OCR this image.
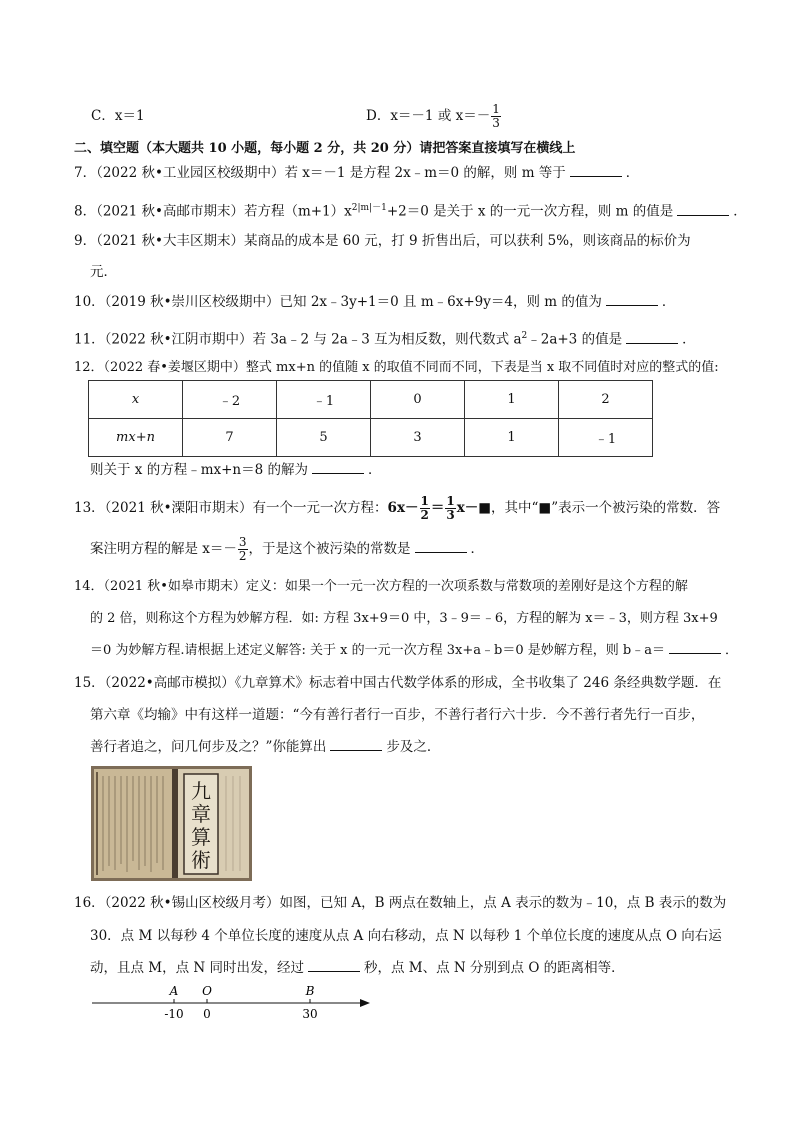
C．x＝1	D．x＝－1 或 $x=- \frac{1}{3}$
二、填空题（本大题共 10 小题，每小题 2 分，共 20 分）请把答案直接填写在横线上
7．（2022 秋•工业园区校级期中）若 x＝－1 是方程 2x﹣m＝0 的解，则 m 等于	．
8．（2021 秋•高邮市期末）若方程$(m+1)x^{2|m|-1}+2=0$ 是关于 x 的一元一次方程，则 m 的值是	．
9．（2021 秋•大丰区期末）某商品的成本是 60 元，打 9 折售出后，可以获利 5%，则该商品的标价为
元．
10．（2019 秋•崇川区校级期中）已知 2x﹣3y+1＝0 且 m﹣6x+9y＝4，则 m 的值为	．
11．（2022 秋•江阴市期中）若 3a﹣2 与 2a﹣3 互为相反数，则代数式 $a^2﹣2a+3$ 的值是	．
12．（2022 春•姜堰区期中）整式 mx+n 的值随 x 的取值不同而不同，下表是当 x 取不同值时对应的整式的值:
x	﹣2	﹣1	0	1	2
mx+n	7	5	3	1	﹣1
则关于 x 的方程﹣mx+n＝8 的解为	．
13．（2021 秋•溧阳市期末）有一个一元一次方程：$6x- \frac{1}{2} = \frac{1}{3}$ x－■，其中“■”表示一个被污染的常数．答
案注明方程的解是 $x=- \frac{3}{2}$ ，于是这个被污染的常数是	．
14．（2021 秋•如皋市期末）定义：如果一个一元一次方程的一次项系数与常数项的差刚好是这个方程的解
的 2 倍，则称这个方程为妙解方程．如: 方程 3x+9＝0 中，3﹣9＝﹣6，方程的解为 x＝﹣3，则方程 3x+9
＝0 为妙解方程.请根据上述定义解答: 关于 x 的一元一次方程 3x+a﹣b＝0 是妙解方程，则 b﹣a＝	．
15．（2022•高邮市模拟）《九章算术》标志着中国古代数学体系的形成，全书收集了 246 条经典数学题．在
第六章《均输》中有这样一道题：“今有善行者行一百步，不善行者行六十步．今不善行者先行一百步，
善行者追之，问几何步及之？”你能算出	步及之．
九
章
算
術
16．（2022 秋•锡山区校级月考）如图，已知 A，B 两点在数轴上，点 A 表示的数为﹣10，点 B 表示的数为
30．点 M 以每秒 4 个单位长度的速度从点 A 向右移动，点 N 以每秒 1 个单位长度的速度从点 O 向右运
动，且点 M，点 N 同时出发，经过	秒，点 M、点 N 分别到点 O 的距离相等．
A
-10
O
0
B
30
